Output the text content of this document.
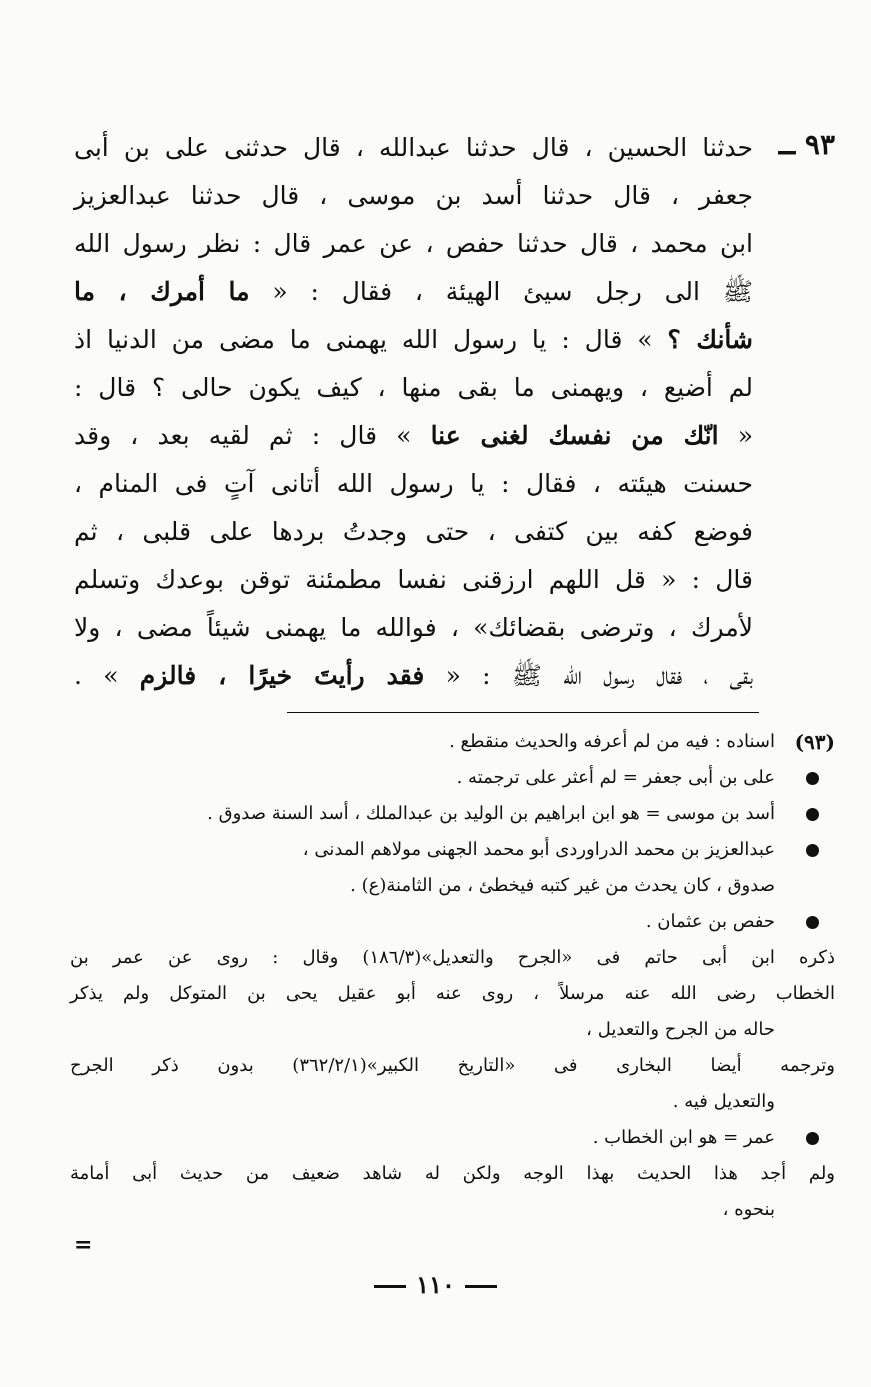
٩٣ ــ
حدثنا الحسين ، قال حدثنا عبدالله ، قال حدثنى على بن أبى
جعفر ، قال حدثنا أسد بن موسى ، قال حدثنا عبدالعزيز
ابن محمد ، قال حدثنا حفص ، عن عمر قال : نظر رسول الله
ﷺ الى رجل سيئ الهيئة ، فقال : « ما أمرك ، ما
شأنك ؟ » قال : يا رسول الله يهمنى ما مضى من الدنيا اذ
لم أضيع ، ويهمنى ما بقى منها ، كيف يكون حالى ؟ قال :
« انّك من نفسك لغنى عنا » قال : ثم لقيه بعد ، وقد
حسنت هيئته ، فقال : يا رسول الله أتانى آتٍ فى المنام ،
فوضع كفه بين كتفى ، حتى وجدتُ بردها على قلبى ، ثم
قال : « قل اللهم ارزقنى نفسا مطمئنة توقن بوعدك وتسلم
لأمرك ، وترضى بقضائك» ، فوالله ما يهمنى شيئاً مضى ، ولا
بقى ، فقال رسول الله ﷺ : « فقد رأيتَ خيرًا ، فالزم » .
(٩٣)
اسناده : فيه من لم أعرفه والحديث منقطع .
على بن أبى جعفر = لم أعثر على ترجمته .
أسد بن موسى = هو ابن ابراهيم بن الوليد بن عبدالملك ، أسد السنة صدوق .
عبدالعزيز بن محمد الدراوردى أبو محمد الجهنى مولاهم المدنى ،
صدوق ، كان يحدث من غير كتبه فيخطئ ، من الثامنة(ع) .
حفص بن عثمان .
ذكره ابن أبى حاتم فى «الجرح والتعديل»(١٨٦/٣) وقال : روى عن عمر بن
الخطاب رضى الله عنه مرسلاً ، روى عنه أبو عقيل يحى بن المتوكل ولم يذكر
حاله من الجرح والتعديل ،
وترجمه أيضا البخارى فى «التاريخ الكبير»(٣٦٢/٢/١) بدون ذكر الجرح
والتعديل فيه .
عمر = هو ابن الخطاب .
ولم أجد هذا الحديث بهذا الوجه ولكن له شاهد ضعيف من حديث أبى أمامة
بنحوه ،
=
١١٠
